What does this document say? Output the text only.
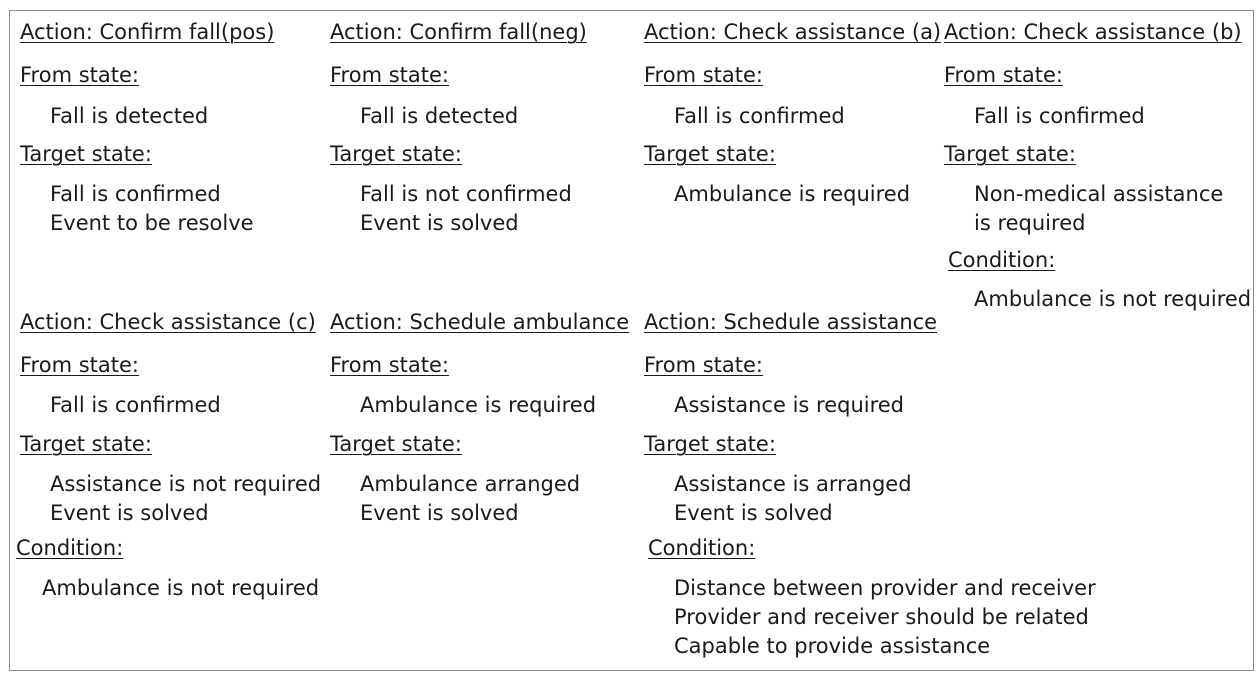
Action: Confirm fall(pos)
From state:
Fall is detected
Target state:
Fall is confirmed
Event to be resolve
Action: Confirm fall(neg)
From state:
Fall is detected
Target state:
Fall is not confirmed
Event is solved
Action: Check assistance (a)
From state:
Fall is confirmed
Target state:
Ambulance is required
Action: Check assistance (b)
From state:
Fall is confirmed
Target state:
Non-medical assistance
is required
Condition:
Ambulance is not required
Action: Check assistance (c)
From state:
Fall is confirmed
Target state:
Assistance is not required
Event is solved
Condition:
Ambulance is not required
Action: Schedule ambulance
From state:
Ambulance is required
Target state:
Ambulance arranged
Event is solved
Action: Schedule assistance
From state:
Assistance is required
Target state:
Assistance is arranged
Event is solved
Condition:
Distance between provider and receiver
Provider and receiver should be related
Capable to provide assistance
